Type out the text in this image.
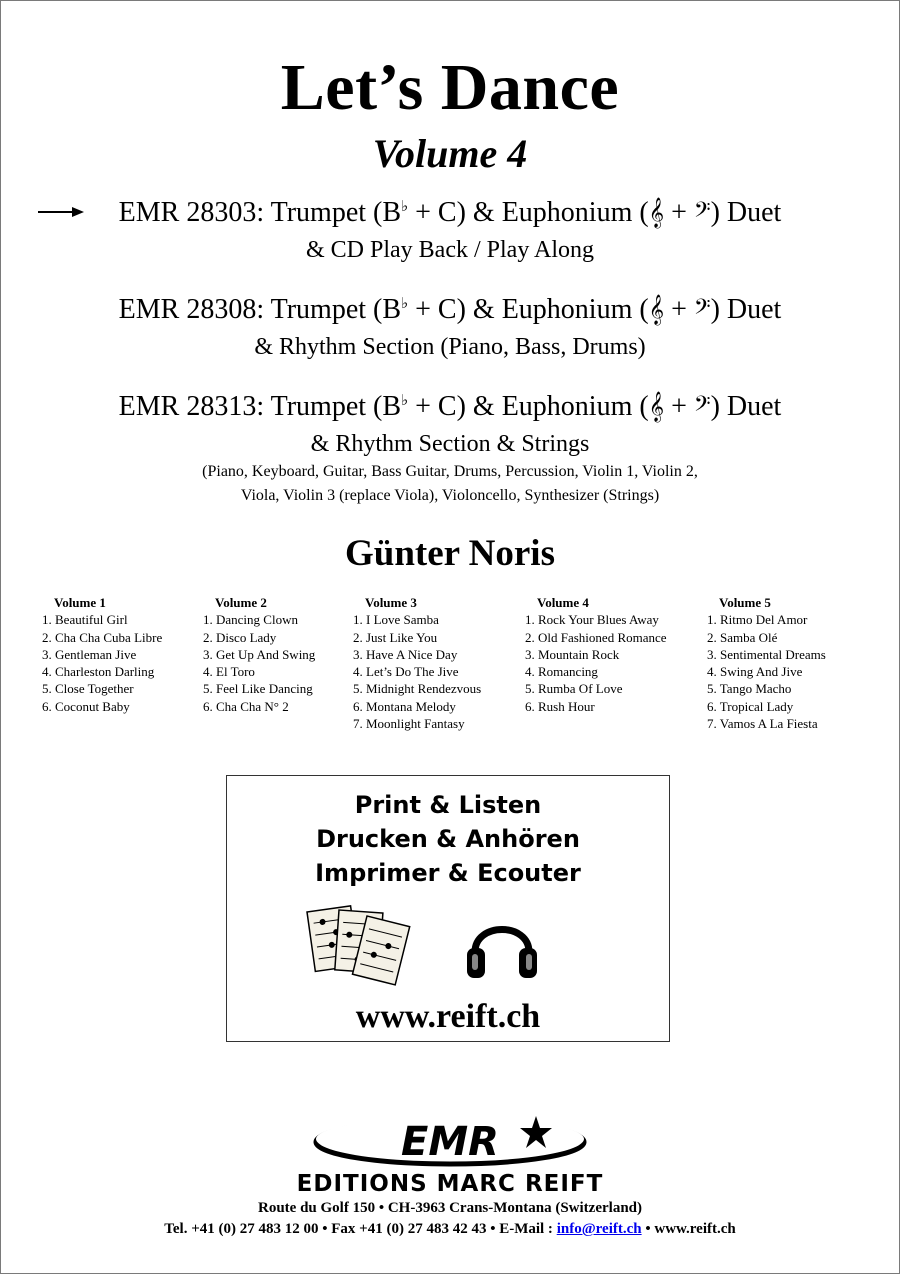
Let’s Dance
Volume 4
EMR 28303: Trumpet (B♭ + C) & Euphonium (𝄞 + 𝄢) Duet
& CD Play Back / Play Along
EMR 28308: Trumpet (B♭ + C) & Euphonium (𝄞 + 𝄢) Duet
& Rhythm Section (Piano, Bass, Drums)
EMR 28313: Trumpet (B♭ + C) & Euphonium (𝄞 + 𝄢) Duet
& Rhythm Section & Strings
(Piano, Keyboard, Guitar, Bass Guitar, Drums, Percussion, Violin 1, Violin 2,
Viola, Violin 3 (replace Viola), Violoncello, Synthesizer (Strings)
Günter Noris
Volume 1
1. Beautiful Girl
2. Cha Cha Cuba Libre
3. Gentleman Jive
4. Charleston Darling
5. Close Together
6. Coconut Baby
Volume 2
1. Dancing Clown
2. Disco Lady
3. Get Up And Swing
4. El Toro
5. Feel Like Dancing
6. Cha Cha N° 2
Volume 3
1. I Love Samba
2. Just Like You
3. Have A Nice Day
4. Let’s Do The Jive
5. Midnight Rendezvous
6. Montana Melody
7. Moonlight Fantasy
Volume 4
1. Rock Your Blues Away
2. Old Fashioned Romance
3. Mountain Rock
4. Romancing
5. Rumba Of Love
6. Rush Hour
Volume 5
1. Ritmo Del Amor
2. Samba Olé
3. Sentimental Dreams
4. Swing And Jive
5. Tango Macho
6. Tropical Lady
7. Vamos A La Fiesta
Print & Listen
Drucken & Anhören
Imprimer & Ecouter
www.reift.ch
EMR
EDITIONS MARC REIFT
Route du Golf 150 • CH-3963 Crans-Montana (Switzerland)
Tel. +41 (0) 27 483 12 00 • Fax +41 (0) 27 483 42 43 • E-Mail : info@reift.ch • www.reift.ch
